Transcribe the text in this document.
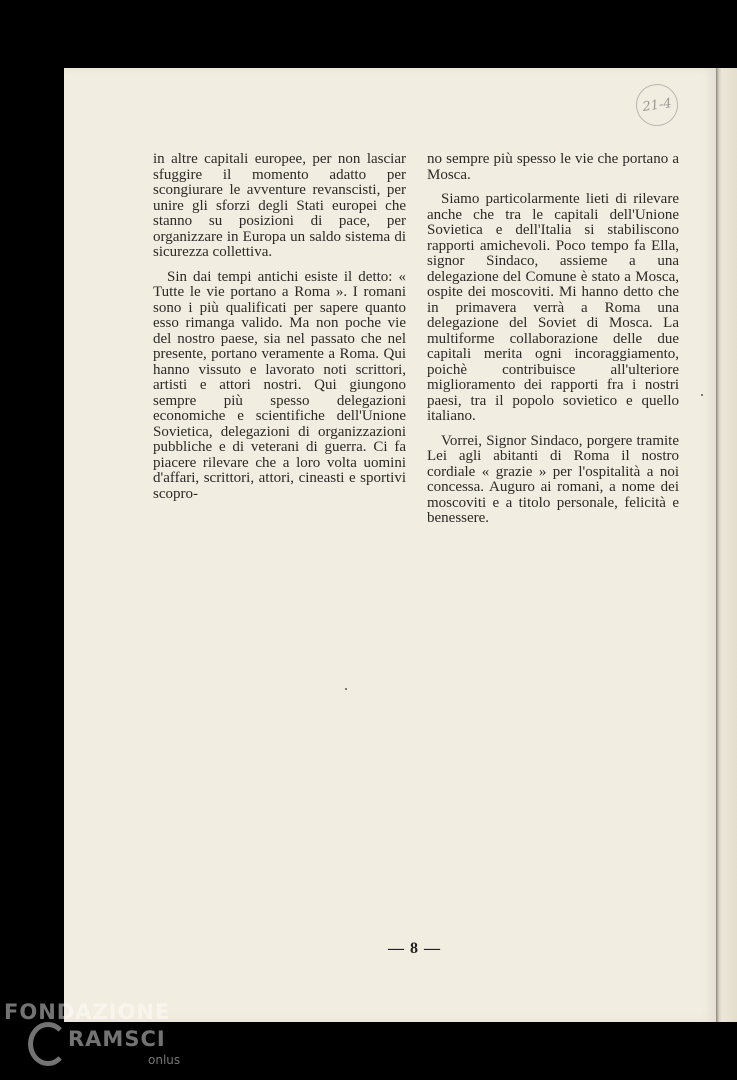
21-4

in altre capitali europee, per non lasciar sfuggire il momento adatto per scongiurare le avventure revanscisti, per unire gli sforzi degli Stati europei che stanno su posizioni di pace, per organizzare in Europa un saldo sistema di sicurezza collettiva.

Sin dai tempi antichi esiste il detto: « Tutte le vie portano a Roma ». I romani sono i più qualificati per sapere quanto esso rimanga valido. Ma non poche vie del nostro paese, sia nel passato che nel presente, portano veramente a Roma. Qui hanno vissuto e lavorato noti scrittori, artisti e attori nostri. Qui giungono sempre più spesso delegazioni economiche e scientifiche dell'Unione Sovietica, delegazioni di organizzazioni pubbliche e di veterani di guerra. Ci fa piacere rilevare che a loro volta uomini d'affari, scrittori, attori, cineasti e sportivi scopro-

no sempre più spesso le vie che portano a Mosca.

Siamo particolarmente lieti di rilevare anche che tra le capitali dell'Unione Sovietica e dell'Italia si stabiliscono rapporti amichevoli. Poco tempo fa Ella, signor Sindaco, assieme a una delegazione del Comune è stato a Mosca, ospite dei moscoviti. Mi hanno detto che in primavera verrà a Roma una delegazione del Soviet di Mosca. La multiforme collaborazione delle due capitali merita ogni incoraggiamento, poichè contribuisce all'ulteriore miglioramento dei rapporti fra i nostri paesi, tra il popolo sovietico e quello italiano.

Vorrei, Signor Sindaco, porgere tramite Lei agli abitanti di Roma il nostro cordiale « grazie » per l'ospitalità a noi concessa. Auguro ai romani, a nome dei moscoviti e a titolo personale, felicità e benessere.

— 8 —
FONDAZIONE
RAMSCI
onlus
